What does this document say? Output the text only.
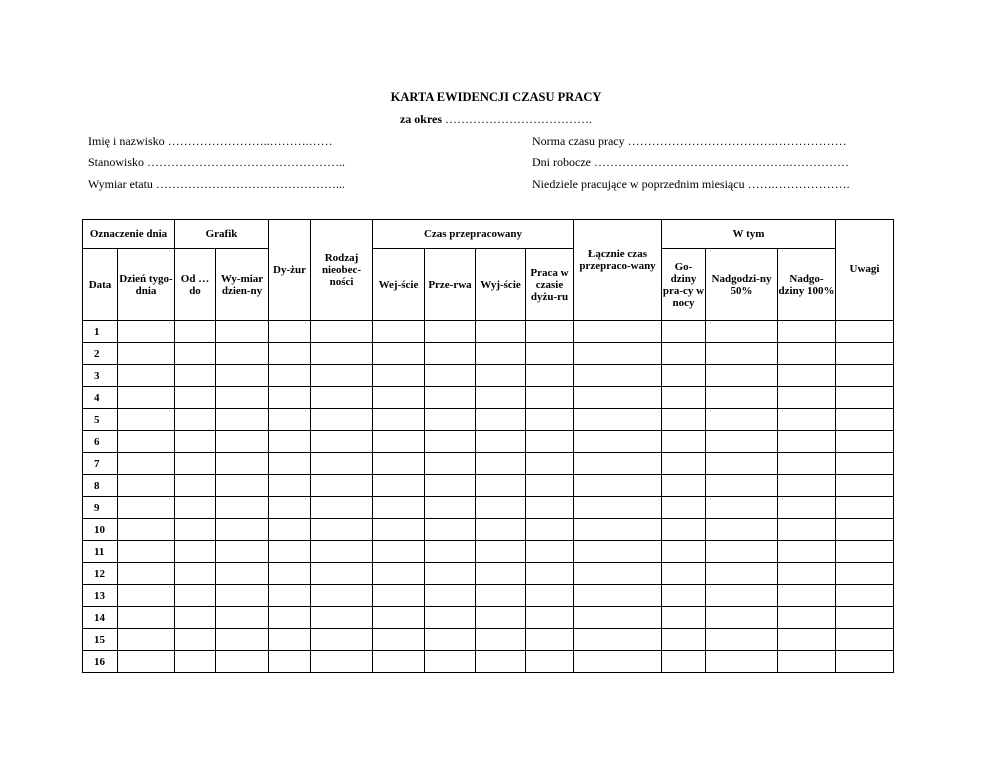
KARTA EWIDENCJI CZASU PRACY
za okres ……………………………….
Imię i nazwisko ……………………..……….……
Stanowisko …………………………………………..
Wymiar etatu ………………………………………...
Norma czasu pracy ……………………………….………………
Dni robocze ………………………………………….……………
Niedziele pracujące w poprzednim miesiącu …….……………….
Oznaczenie dnia		Grafik		Dy-żur	Rodzaj nieobec-ności	Czas przepracowany				Łącznie czas przepraco-wany	W tym			Uwagi
Data	Dzień tygo-dnia	Od …do	Wy-miar dzien-ny			Wej-ście	Prze-rwa	Wyj-ście	Praca w czasie dyżu-ru		Go-dziny pra-cy w nocy	Nadgodzi-ny 50%	Nadgo-dziny 100%	
1														
2														
3														
4														
5														
6														
7														
8														
9														
10														
11														
12														
13														
14														
15														
16														
